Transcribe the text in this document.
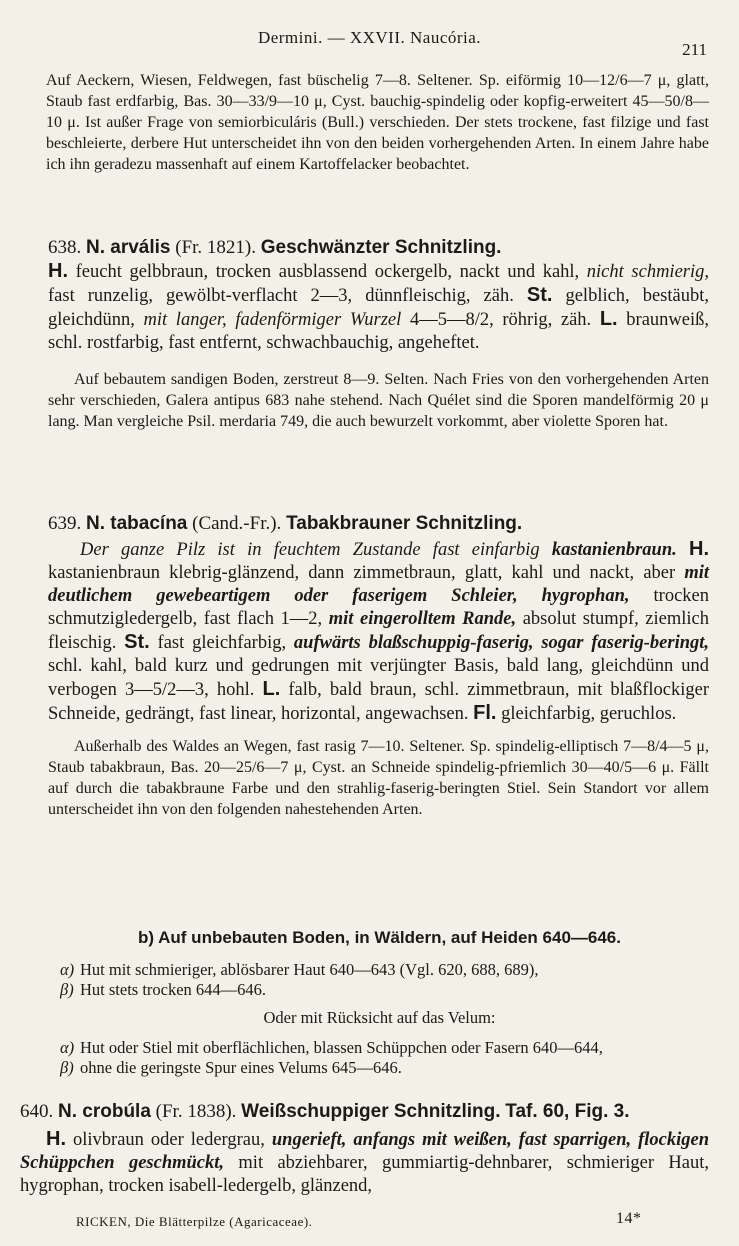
Dermini. — XXVII. Naucória.
211

Auf Aeckern, Wiesen, Feldwegen, fast büschelig 7—8. Seltener. Sp. eiförmig 10—12/6—7 μ, glatt, Staub fast erdfarbig, Bas. 30—33/9—10 μ, Cyst. bauchig-spindelig oder kopfig-erweitert 45—50/8—10 μ. Ist außer Frage von semiorbiculáris (Bull.) verschieden. Der stets trockene, fast filzige und fast beschleierte, derbere Hut unterscheidet ihn von den beiden vorhergehenden Arten. In einem Jahre habe ich ihn geradezu massenhaft auf einem Kartoffelacker beobachtet.

638. N. arvális (Fr. 1821). Geschwänzter Schnitzling.

H. feucht gelbbraun, trocken ausblassend ockergelb, nackt und kahl, nicht schmierig, fast runzelig, gewölbt-verflacht 2—3, dünnfleischig, zäh. St. gelblich, bestäubt, gleichdünn, mit langer, fadenförmiger Wurzel 4—5—8/2, röhrig, zäh. L. braunweiß, schl. rostfarbig, fast entfernt, schwachbauchig, angeheftet.

Auf bebautem sandigen Boden, zerstreut 8—9. Selten. Nach Fries von den vorhergehenden Arten sehr verschieden, Galera antipus 683 nahe stehend. Nach Quélet sind die Sporen mandelförmig 20 μ lang. Man vergleiche Psil. merdaria 749, die auch bewurzelt vorkommt, aber violette Sporen hat.

639. N. tabacína (Cand.-Fr.). Tabakbrauner Schnitzling.

Der ganze Pilz ist in feuchtem Zustande fast einfarbig kastanienbraun. H. kastanienbraun klebrig-glänzend, dann zimmetbraun, glatt, kahl und nackt, aber mit deutlichem gewebeartigem oder faserigem Schleier, hygrophan, trocken schmutzigledergelb, fast flach 1—2, mit eingerolltem Rande, absolut stumpf, ziemlich fleischig. St. fast gleichfarbig, aufwärts blaßschuppig-faserig, sogar faserig-beringt, schl. kahl, bald kurz und gedrungen mit verjüngter Basis, bald lang, gleichdünn und verbogen 3—5/2—3, hohl. L. falb, bald braun, schl. zimmetbraun, mit blaßflockiger Schneide, gedrängt, fast linear, horizontal, angewachsen. Fl. gleichfarbig, geruchlos.

Außerhalb des Waldes an Wegen, fast rasig 7—10. Seltener. Sp. spindelig-elliptisch 7—8/4—5 μ, Staub tabakbraun, Bas. 20—25/6—7 μ, Cyst. an Schneide spindelig-pfriemlich 30—40/5—6 μ. Fällt auf durch die tabakbraune Farbe und den strahlig-faserig-beringten Stiel. Sein Standort vor allem unterscheidet ihn von den folgenden nahestehenden Arten.

b) Auf unbebauten Boden, in Wäldern, auf Heiden 640—646.
α) Hut mit schmieriger, ablösbarer Haut 640—643 (Vgl. 620, 688, 689),
β) Hut stets trocken 644—646.
Oder mit Rücksicht auf das Velum:
α) Hut oder Stiel mit oberflächlichen, blassen Schüppchen oder Fasern 640—644,
β) ohne die geringste Spur eines Velums 645—646.

640. N. crobúla (Fr. 1838). Weißschuppiger Schnitzling. Taf. 60, Fig. 3.

H. olivbraun oder ledergrau, ungerieft, anfangs mit weißen, fast sparrigen, flockigen Schüppchen geschmückt, mit abziehbarer, gummiartig-dehnbarer, schmieriger Haut, hygrophan, trocken isabell-ledergelb, glänzend,

RICKEN, Die Blätterpilze (Agaricaceae).	14*
